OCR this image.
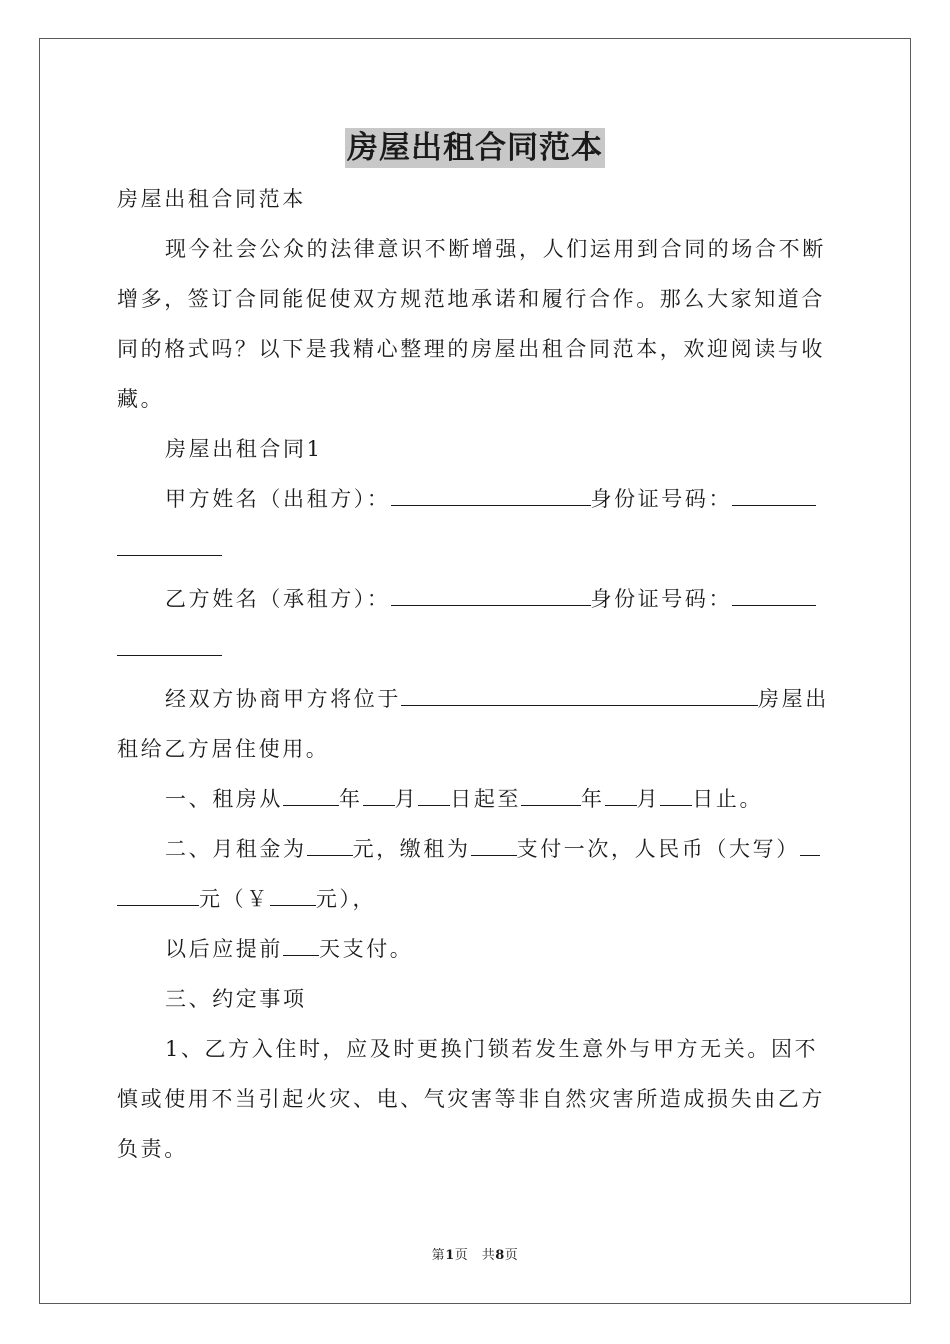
房屋出租合同范本
房屋出租合同范本
现今社会公众的法律意识不断增强，人们运用到合同的场合不断
增多，签订合同能促使双方规范地承诺和履行合作。那么大家知道合
同的格式吗？以下是我精心整理的房屋出租合同范本，欢迎阅读与收
藏。
房屋出租合同1
甲方姓名（出租方）：	身份证号码：
乙方姓名（承租方）：	身份证号码：
经双方协商甲方将位于	房屋出
租给乙方居住使用。
一、租房从	年 月 日起至	年 月 日止。
二、月租金为 元，缴租为 支付一次，人民币（大写）
元（￥ 元），
以后应提前 天支付。
三、约定事项
1、乙方入住时，应及时更换门锁若发生意外与甲方无关。因不
慎或使用不当引起火灾、电、气灾害等非自然灾害所造成损失由乙方
负责。
第1页　共8页
